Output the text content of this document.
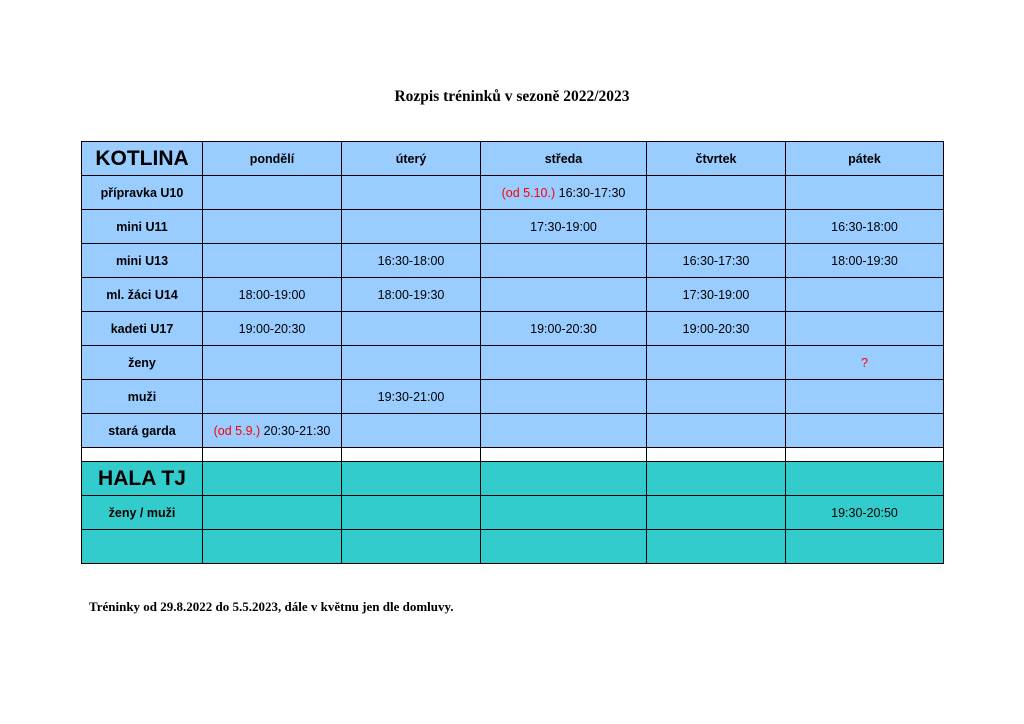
Rozpis tréninků v sezoně 2022/2023
KOTLINA	pondělí	úterý	středa	čtvrtek	pátek
přípravka U10			(od 5.10.) 16:30-17:30		
mini U11			17:30-19:00		16:30-18:00
mini U13		16:30-18:00		16:30-17:30	18:00-19:30
ml. žáci U14	18:00-19:00	18:00-19:30		17:30-19:00	
kadeti U17	19:00-20:30		19:00-20:30	19:00-20:30	
ženy					?
muži		19:30-21:00			
stará garda	(od 5.9.) 20:30-21:30				

HALA TJ					
ženy / muži					19:30-20:50

Tréninky od 29.8.2022 do 5.5.2023, dále v květnu jen dle domluvy.
